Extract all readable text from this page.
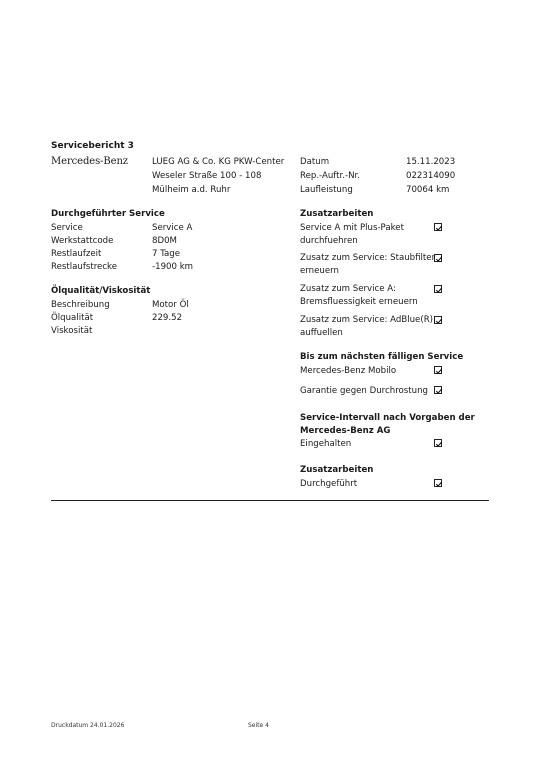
Servicebericht 3
Mercedes-Benz	LUEG AG & Co. KG PKW-Center
Weseler Straße 100 - 108
Mülheim a.d. Ruhr
Datum	15.11.2023
Rep.-Auftr.-Nr.	022314090
Laufleistung	70064 km
Durchgeführter Service
Service	Service A
Werkstattcode	8D0M
Restlaufzeit	7 Tage
Restlaufstrecke	-1900 km
Ölqualität/Viskosität
Beschreibung	Motor Öl
Ölqualität	229.52
Viskosität
Zusatzarbeiten
Service A mit Plus-Paket
durchfuehren
Zusatz zum Service: Staubfilter
erneuern
Zusatz zum Service A:
Bremsfluessigkeit erneuern
Zusatz zum Service: AdBlue(R)
auffuellen
Bis zum nächsten fälligen Service
Mercedes-Benz Mobilo
Garantie gegen Durchrostung
Service-Intervall nach Vorgaben der
Mercedes-Benz AG
Eingehalten
Zusatzarbeiten
Durchgeführt
Druckdatum 24.01.2026	Seite 4
